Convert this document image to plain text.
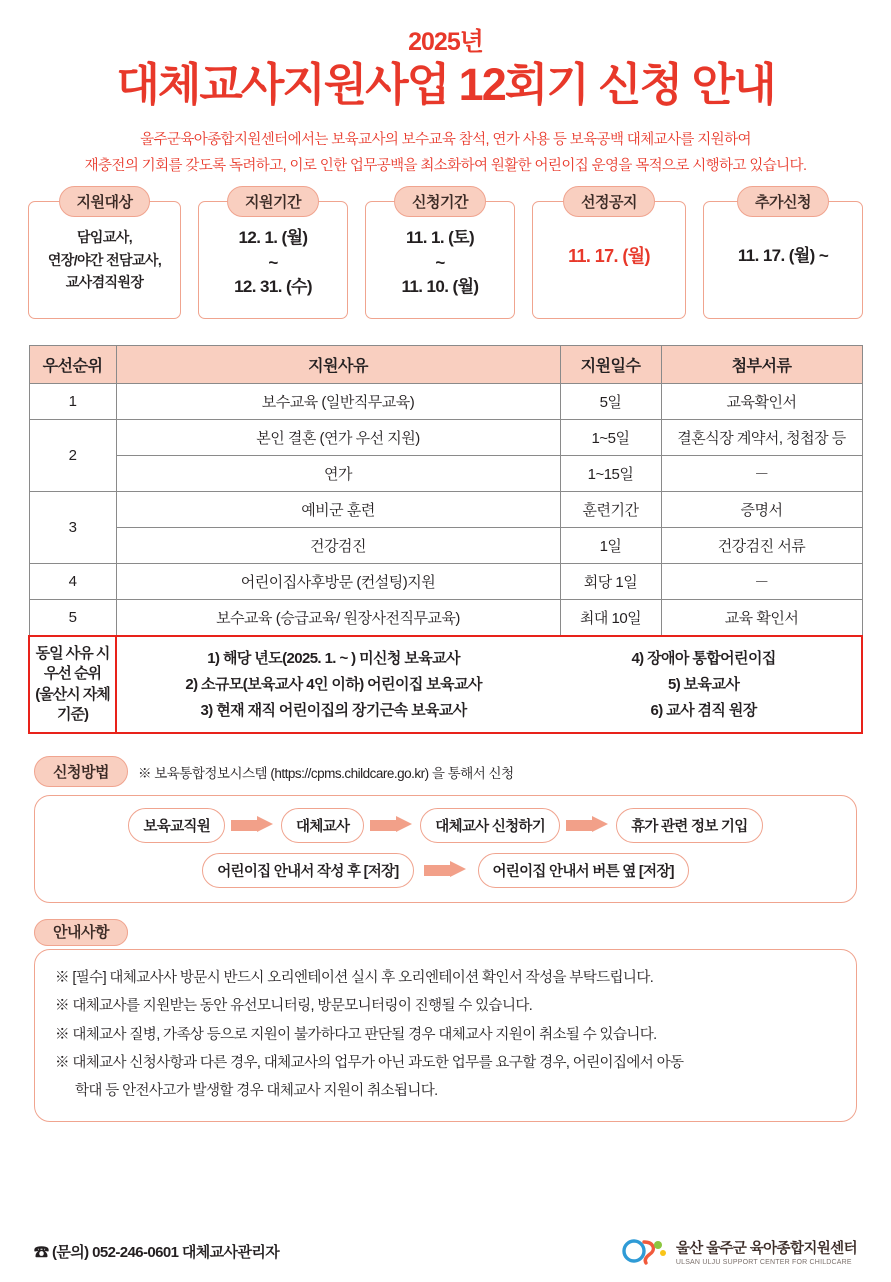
2025년
대체교사지원사업 12회기 신청 안내
울주군육아종합지원센터에서는 보육교사의 보수교육 참석, 연가 사용 등 보육공백 대체교사를 지원하여
재충전의 기회를 갖도록 독려하고, 이로 인한 업무공백을 최소화하여 원활한 어린이집 운영을 목적으로 시행하고 있습니다.
지원대상
담임교사,
연장/야간 전담교사,
교사겸직원장
지원기간
12. 1. (월)
~
12. 31. (수)
신청기간
11. 1. (토)
~
11. 10. (월)
선정공지
11. 17. (월)
추가신청
11. 17. (월) ~
우선순위	지원사유	지원일수	첨부서류
1	보수교육 (일반직무교육)	5일	교육확인서
2	본인 결혼 (연가 우선 지원)	1~5일	결혼식장 계약서, 청첩장 등
	연가	1~15일	－
3	예비군 훈련	훈련기간	증명서
	건강검진	1일	건강검진 서류
4	어린이집사후방문 (컨설팅)지원	회당 1일	－
5	보수교육 (승급교육/ 원장사전직무교육)	최대 10일	교육 확인서

동일 사유 시
우선 순위
(울산시 자체 기준)

1) 해당 년도(2025. 1. ~ ) 미신청 보육교사
2) 소규모(보육교사 4인 이하) 어린이집 보육교사
3) 현재 재직 어린이집의 장기근속 보육교사
4) 장애아 통합어린이집
5) 보육교사
6) 교사 겸직 원장
신청방법	※ 보육통합정보시스템 (https://cpms.childcare.go.kr) 을 통해서 신청
보육교직원	대체교사	대체교사 신청하기	휴가 관련 정보 기입
어린이집 안내서 작성 후 [저장]	어린이집 안내서 버튼 옆 [저장]
안내사항
※ [필수] 대체교사사 방문시 반드시 오리엔테이션 실시 후 오리엔테이션 확인서 작성을 부탁드립니다.
※ 대체교사를 지원받는 동안 유선모니터링, 방문모니터링이 진행될 수 있습니다.
※ 대체교사 질병, 가족상 등으로 지원이 불가하다고 판단될 경우 대체교사 지원이 취소될 수 있습니다.
※ 대체교사 신청사항과 다른 경우, 대체교사의 업무가 아닌 과도한 업무를 요구할 경우, 어린이집에서 아동
학대 등 안전사고가 발생할 경우 대체교사 지원이 취소됩니다.
☎ (문의) 052-246-0601 대체교사관리자	울산 울주군 육아종합지원센터
ULSAN ULJU SUPPORT CENTER FOR CHILDCARE
